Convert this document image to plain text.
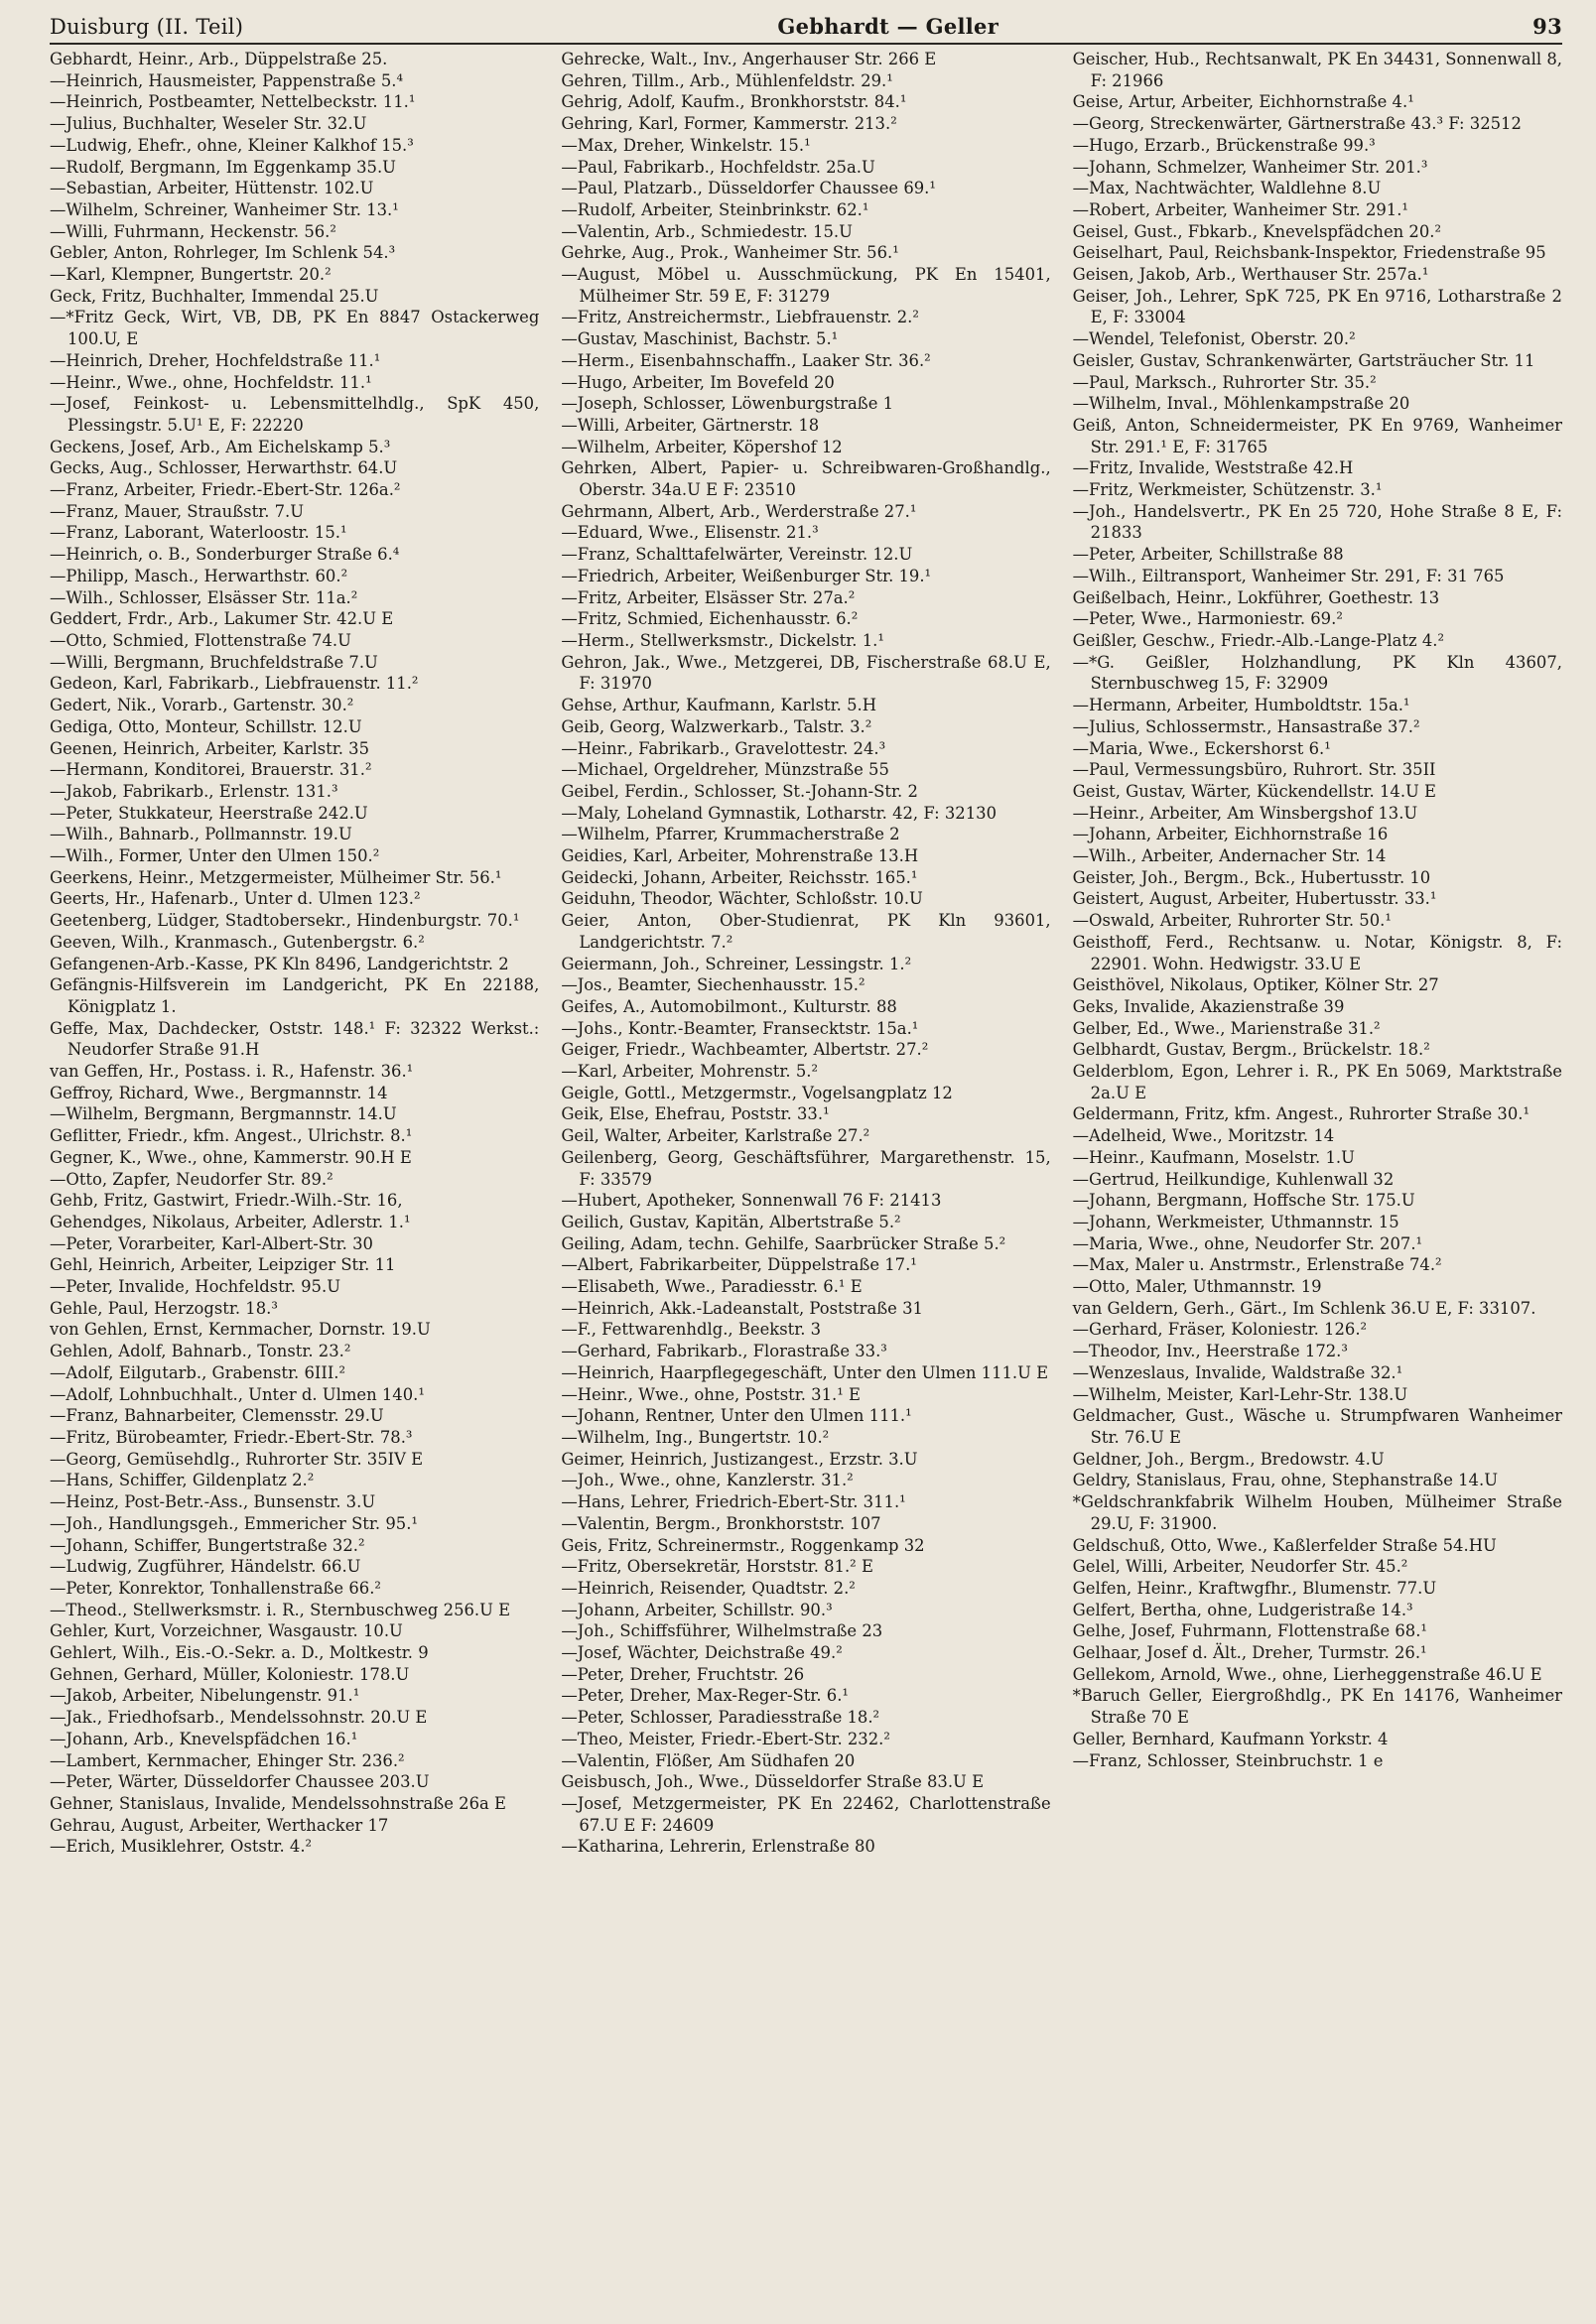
Duisburg (II. Teil)	Gebhardt — Geller	93
Gebhardt, Heinr., Arb., Düppelstraße 25.
—Heinrich, Hausmeister, Pappenstraße 5.⁴
—Heinrich, Postbeamter, Nettelbeckstr. 11.¹
—Julius, Buchhalter, Weseler Str. 32.U
—Ludwig, Ehefr., ohne, Kleiner Kalkhof 15.³
—Rudolf, Bergmann, Im Eggenkamp 35.U
—Sebastian, Arbeiter, Hüttenstr. 102.U
—Wilhelm, Schreiner, Wanheimer Str. 13.¹
—Willi, Fuhrmann, Heckenstr. 56.²
Gebler, Anton, Rohrleger, Im Schlenk 54.³
—Karl, Klempner, Bungertstr. 20.²
Geck, Fritz, Buchhalter, Immendal 25.U
—*Fritz Geck, Wirt, VB, DB, PK En 8847 Ostackerweg 100.U, E
—Heinrich, Dreher, Hochfeldstraße 11.¹
—Heinr., Wwe., ohne, Hochfeldstr. 11.¹
—Josef, Feinkost- u. Lebensmittelhdlg., SpK 450, Plessingstr. 5.U¹ E, F: 22220
Geckens, Josef, Arb., Am Eichelskamp 5.³
Gecks, Aug., Schlosser, Herwarthstr. 64.U
—Franz, Arbeiter, Friedr.-Ebert-Str. 126a.²
—Franz, Mauer, Straußstr. 7.U
—Franz, Laborant, Waterloostr. 15.¹
—Heinrich, o. B., Sonderburger Straße 6.⁴
—Philipp, Masch., Herwarthstr. 60.²
—Wilh., Schlosser, Elsässer Str. 11a.²
Geddert, Frdr., Arb., Lakumer Str. 42.U E
—Otto, Schmied, Flottenstraße 74.U
—Willi, Bergmann, Bruchfeldstraße 7.U
Gedeon, Karl, Fabrikarb., Liebfrauenstr. 11.²
Gedert, Nik., Vorarb., Gartenstr. 30.²
Gediga, Otto, Monteur, Schillstr. 12.U
Geenen, Heinrich, Arbeiter, Karlstr. 35
—Hermann, Konditorei, Brauerstr. 31.²
—Jakob, Fabrikarb., Erlenstr. 131.³
—Peter, Stukkateur, Heerstraße 242.U
—Wilh., Bahnarb., Pollmannstr. 19.U
—Wilh., Former, Unter den Ulmen 150.²
Geerkens, Heinr., Metzgermeister, Mülheimer Str. 56.¹
Geerts, Hr., Hafenarb., Unter d. Ulmen 123.²
Geetenberg, Lüdger, Stadtobersekr., Hindenburgstr. 70.¹
Geeven, Wilh., Kranmasch., Gutenbergstr. 6.²
Gefangenen-Arb.-Kasse, PK Kln 8496, Landgerichtstr. 2
Gefängnis-Hilfsverein im Landgericht, PK En 22188, Königplatz 1.
Geffe, Max, Dachdecker, Oststr. 148.¹ F: 32322 Werkst.: Neudorfer Straße 91.H
van Geffen, Hr., Postass. i. R., Hafenstr. 36.¹
Geffroy, Richard, Wwe., Bergmannstr. 14
—Wilhelm, Bergmann, Bergmannstr. 14.U
Geflitter, Friedr., kfm. Angest., Ulrichstr. 8.¹
Gegner, K., Wwe., ohne, Kammerstr. 90.H E
—Otto, Zapfer, Neudorfer Str. 89.²
Gehb, Fritz, Gastwirt, Friedr.-Wilh.-Str. 16,
Gehendges, Nikolaus, Arbeiter, Adlerstr. 1.¹
—Peter, Vorarbeiter, Karl-Albert-Str. 30
Gehl, Heinrich, Arbeiter, Leipziger Str. 11
—Peter, Invalide, Hochfeldstr. 95.U
Gehle, Paul, Herzogstr. 18.³
von Gehlen, Ernst, Kernmacher, Dornstr. 19.U
Gehlen, Adolf, Bahnarb., Tonstr. 23.²
—Adolf, Eilgutarb., Grabenstr. 6III.²
—Adolf, Lohnbuchhalt., Unter d. Ulmen 140.¹
—Franz, Bahnarbeiter, Clemensstr. 29.U
—Fritz, Bürobeamter, Friedr.-Ebert-Str. 78.³
—Georg, Gemüsehdlg., Ruhrorter Str. 35IV E
—Hans, Schiffer, Gildenplatz 2.²
—Heinz, Post-Betr.-Ass., Bunsenstr. 3.U
—Joh., Handlungsgeh., Emmericher Str. 95.¹
—Johann, Schiffer, Bungertstraße 32.²
—Ludwig, Zugführer, Händelstr. 66.U
—Peter, Konrektor, Tonhallenstraße 66.²
—Theod., Stellwerksmstr. i. R., Sternbuschweg 256.U E
Gehler, Kurt, Vorzeichner, Wasgaustr. 10.U
Gehlert, Wilh., Eis.-O.-Sekr. a. D., Moltkestr. 9
Gehnen, Gerhard, Müller, Koloniestr. 178.U
—Jakob, Arbeiter, Nibelungenstr. 91.¹
—Jak., Friedhofsarb., Mendelssohnstr. 20.U E
—Johann, Arb., Knevelspfädchen 16.¹
—Lambert, Kernmacher, Ehinger Str. 236.²
—Peter, Wärter, Düsseldorfer Chaussee 203.U
Gehner, Stanislaus, Invalide, Mendelssohnstraße 26a E
Gehrau, August, Arbeiter, Werthacker 17
—Erich, Musiklehrer, Oststr. 4.²
Gehrecke, Walt., Inv., Angerhauser Str. 266 E
Gehren, Tillm., Arb., Mühlenfeldstr. 29.¹
Gehrig, Adolf, Kaufm., Bronkhorststr. 84.¹
Gehring, Karl, Former, Kammerstr. 213.²
—Max, Dreher, Winkelstr. 15.¹
—Paul, Fabrikarb., Hochfeldstr. 25a.U
—Paul, Platzarb., Düsseldorfer Chaussee 69.¹
—Rudolf, Arbeiter, Steinbrinkstr. 62.¹
—Valentin, Arb., Schmiedestr. 15.U
Gehrke, Aug., Prok., Wanheimer Str. 56.¹
—August, Möbel u. Ausschmückung, PK En 15401, Mülheimer Str. 59 E, F: 31279
—Fritz, Anstreichermstr., Liebfrauenstr. 2.²
—Gustav, Maschinist, Bachstr. 5.¹
—Herm., Eisenbahnschaffn., Laaker Str. 36.²
—Hugo, Arbeiter, Im Bovefeld 20
—Joseph, Schlosser, Löwenburgstraße 1
—Willi, Arbeiter, Gärtnerstr. 18
—Wilhelm, Arbeiter, Köpershof 12
Gehrken, Albert, Papier- u. Schreibwaren-Großhandlg., Oberstr. 34a.U E F: 23510
Gehrmann, Albert, Arb., Werderstraße 27.¹
—Eduard, Wwe., Elisenstr. 21.³
—Franz, Schalttafelwärter, Vereinstr. 12.U
—Friedrich, Arbeiter, Weißenburger Str. 19.¹
—Fritz, Arbeiter, Elsässer Str. 27a.²
—Fritz, Schmied, Eichenhausstr. 6.²
—Herm., Stellwerksmstr., Dickelstr. 1.¹
Gehron, Jak., Wwe., Metzgerei, DB, Fischerstraße 68.U E, F: 31970
Gehse, Arthur, Kaufmann, Karlstr. 5.H
Geib, Georg, Walzwerkarb., Talstr. 3.²
—Heinr., Fabrikarb., Gravelottestr. 24.³
—Michael, Orgeldreher, Münzstraße 55
Geibel, Ferdin., Schlosser, St.-Johann-Str. 2
—Maly, Loheland Gymnastik, Lotharstr. 42, F: 32130
—Wilhelm, Pfarrer, Krummacherstraße 2
Geidies, Karl, Arbeiter, Mohrenstraße 13.H
Geidecki, Johann, Arbeiter, Reichsstr. 165.¹
Geiduhn, Theodor, Wächter, Schloßstr. 10.U
Geier, Anton, Ober-Studienrat, PK Kln 93601, Landgerichtstr. 7.²
Geiermann, Joh., Schreiner, Lessingstr. 1.²
—Jos., Beamter, Siechenhausstr. 15.²
Geifes, A., Automobilmont., Kulturstr. 88
—Johs., Kontr.-Beamter, Fransecktstr. 15a.¹
Geiger, Friedr., Wachbeamter, Albertstr. 27.²
—Karl, Arbeiter, Mohrenstr. 5.²
Geigle, Gottl., Metzgermstr., Vogelsangplatz 12
Geik, Else, Ehefrau, Poststr. 33.¹
Geil, Walter, Arbeiter, Karlstraße 27.²
Geilenberg, Georg, Geschäftsführer, Margarethenstr. 15, F: 33579
—Hubert, Apotheker, Sonnenwall 76 F: 21413
Geilich, Gustav, Kapitän, Albertstraße 5.²
Geiling, Adam, techn. Gehilfe, Saarbrücker Straße 5.²
—Albert, Fabrikarbeiter, Düppelstraße 17.¹
—Elisabeth, Wwe., Paradiesstr. 6.¹ E
—Heinrich, Akk.-Ladeanstalt, Poststraße 31
—F., Fettwarenhdlg., Beekstr. 3
—Gerhard, Fabrikarb., Florastraße 33.³
—Heinrich, Haarpflegegeschäft, Unter den Ulmen 111.U E
—Heinr., Wwe., ohne, Poststr. 31.¹ E
—Johann, Rentner, Unter den Ulmen 111.¹
—Wilhelm, Ing., Bungertstr. 10.²
Geimer, Heinrich, Justizangest., Erzstr. 3.U
—Joh., Wwe., ohne, Kanzlerstr. 31.²
—Hans, Lehrer, Friedrich-Ebert-Str. 311.¹
—Valentin, Bergm., Bronkhorststr. 107
Geis, Fritz, Schreinermstr., Roggenkamp 32
—Fritz, Obersekretär, Horststr. 81.² E
—Heinrich, Reisender, Quadtstr. 2.²
—Johann, Arbeiter, Schillstr. 90.³
—Joh., Schiffsführer, Wilhelmstraße 23
—Josef, Wächter, Deichstraße 49.²
—Peter, Dreher, Fruchtstr. 26
—Peter, Dreher, Max-Reger-Str. 6.¹
—Peter, Schlosser, Paradiesstraße 18.²
—Theo, Meister, Friedr.-Ebert-Str. 232.²
—Valentin, Flößer, Am Südhafen 20
Geisbusch, Joh., Wwe., Düsseldorfer Straße 83.U E
—Josef, Metzgermeister, PK En 22462, Charlottenstraße 67.U E F: 24609
—Katharina, Lehrerin, Erlenstraße 80
Geischer, Hub., Rechtsanwalt, PK En 34431, Sonnenwall 8, F: 21966
Geise, Artur, Arbeiter, Eichhornstraße 4.¹
—Georg, Streckenwärter, Gärtnerstraße 43.³ F: 32512
—Hugo, Erzarb., Brückenstraße 99.³
—Johann, Schmelzer, Wanheimer Str. 201.³
—Max, Nachtwächter, Waldlehne 8.U
—Robert, Arbeiter, Wanheimer Str. 291.¹
Geisel, Gust., Fbkarb., Knevelspfädchen 20.²
Geiselhart, Paul, Reichsbank-Inspektor, Friedenstraße 95
Geisen, Jakob, Arb., Werthauser Str. 257a.¹
Geiser, Joh., Lehrer, SpK 725, PK En 9716, Lotharstraße 2 E, F: 33004
—Wendel, Telefonist, Oberstr. 20.²
Geisler, Gustav, Schrankenwärter, Gartsträucher Str. 11
—Paul, Marksch., Ruhrorter Str. 35.²
—Wilhelm, Inval., Möhlenkampstraße 20
Geiß, Anton, Schneidermeister, PK En 9769, Wanheimer Str. 291.¹ E, F: 31765
—Fritz, Invalide, Weststraße 42.H
—Fritz, Werkmeister, Schützenstr. 3.¹
—Joh., Handelsvertr., PK En 25 720, Hohe Straße 8 E, F: 21833
—Peter, Arbeiter, Schillstraße 88
—Wilh., Eiltransport, Wanheimer Str. 291, F: 31 765
Geißelbach, Heinr., Lokführer, Goethestr. 13
—Peter, Wwe., Harmoniestr. 69.²
Geißler, Geschw., Friedr.-Alb.-Lange-Platz 4.²
—*G. Geißler, Holzhandlung, PK Kln 43607, Sternbuschweg 15, F: 32909
—Hermann, Arbeiter, Humboldtstr. 15a.¹
—Julius, Schlossermstr., Hansastraße 37.²
—Maria, Wwe., Eckershorst 6.¹
—Paul, Vermessungsbüro, Ruhrort. Str. 35II
Geist, Gustav, Wärter, Kückendellstr. 14.U E
—Heinr., Arbeiter, Am Winsbergshof 13.U
—Johann, Arbeiter, Eichhornstraße 16
—Wilh., Arbeiter, Andernacher Str. 14
Geister, Joh., Bergm., Bck., Hubertusstr. 10
Geistert, August, Arbeiter, Hubertusstr. 33.¹
—Oswald, Arbeiter, Ruhrorter Str. 50.¹
Geisthoff, Ferd., Rechtsanw. u. Notar, Königstr. 8, F: 22901. Wohn. Hedwigstr. 33.U E
Geisthövel, Nikolaus, Optiker, Kölner Str. 27
Geks, Invalide, Akazienstraße 39
Gelber, Ed., Wwe., Marienstraße 31.²
Gelbhardt, Gustav, Bergm., Brückelstr. 18.²
Gelderblom, Egon, Lehrer i. R., PK En 5069, Marktstraße 2a.U E
Geldermann, Fritz, kfm. Angest., Ruhrorter Straße 30.¹
—Adelheid, Wwe., Moritzstr. 14
—Heinr., Kaufmann, Moselstr. 1.U
—Gertrud, Heilkundige, Kuhlenwall 32
—Johann, Bergmann, Hoffsche Str. 175.U
—Johann, Werkmeister, Uthmannstr. 15
—Maria, Wwe., ohne, Neudorfer Str. 207.¹
—Max, Maler u. Anstrmstr., Erlenstraße 74.²
—Otto, Maler, Uthmannstr. 19
van Geldern, Gerh., Gärt., Im Schlenk 36.U E, F: 33107.
—Gerhard, Fräser, Koloniestr. 126.²
—Theodor, Inv., Heerstraße 172.³
—Wenzeslaus, Invalide, Waldstraße 32.¹
—Wilhelm, Meister, Karl-Lehr-Str. 138.U
Geldmacher, Gust., Wäsche u. Strumpfwaren Wanheimer Str. 76.U E
Geldner, Joh., Bergm., Bredowstr. 4.U
Geldry, Stanislaus, Frau, ohne, Stephanstraße 14.U
*Geldschrankfabrik Wilhelm Houben, Mülheimer Straße 29.U, F: 31900.
Geldschuß, Otto, Wwe., Kaßlerfelder Straße 54.HU
Gelel, Willi, Arbeiter, Neudorfer Str. 45.²
Gelfen, Heinr., Kraftwgfhr., Blumenstr. 77.U
Gelfert, Bertha, ohne, Ludgeristraße 14.³
Gelhe, Josef, Fuhrmann, Flottenstraße 68.¹
Gelhaar, Josef d. Ält., Dreher, Turmstr. 26.¹
Gellekom, Arnold, Wwe., ohne, Lierheggenstraße 46.U E
*Baruch Geller, Eiergroßhdlg., PK En 14176, Wanheimer Straße 70 E
Geller, Bernhard, Kaufmann Yorkstr. 4
—Franz, Schlosser, Steinbruchstr. 1 e
